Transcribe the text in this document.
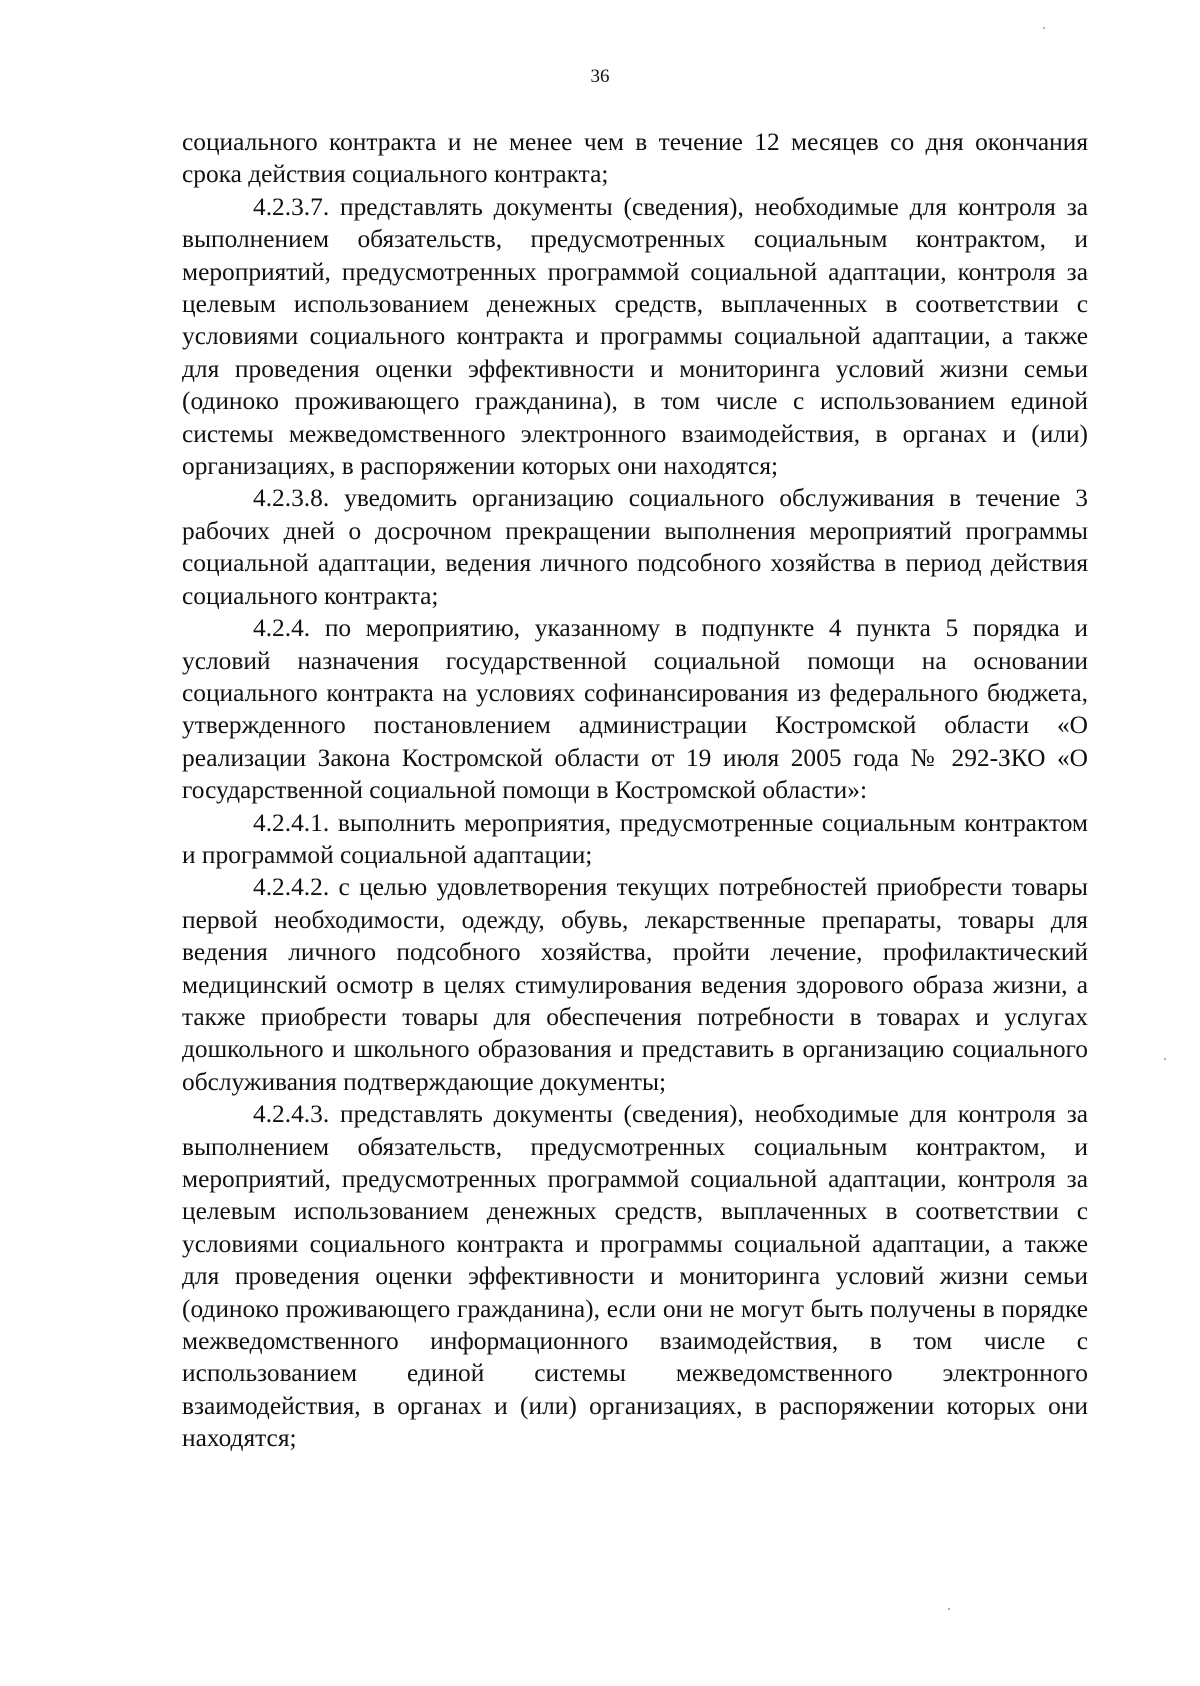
36

социального контракта и не менее чем в течение 12 месяцев со дня окончания срока действия социального контракта;

4.2.3.7. представлять документы (сведения), необходимые для контроля за выполнением обязательств, предусмотренных социальным контрактом, и мероприятий, предусмотренных программой социальной адаптации, контроля за целевым использованием денежных средств, выплаченных в соответствии с условиями социального контракта и программы социальной адаптации, а также для проведения оценки эффективности и мониторинга условий жизни семьи (одиноко проживающего гражданина), в том числе с использованием единой системы межведомственного электронного взаимодействия, в органах и (или) организациях, в распоряжении которых они находятся;

4.2.3.8. уведомить организацию социального обслуживания в течение 3 рабочих дней о досрочном прекращении выполнения мероприятий программы социальной адаптации, ведения личного подсобного хозяйства в период действия социального контракта;

4.2.4. по мероприятию, указанному в подпункте 4 пункта 5 порядка и условий назначения государственной социальной помощи на основании социального контракта на условиях софинансирования из федерального бюджета, утвержденного постановлением администрации Костромской области «О реализации Закона Костромской области от 19 июля 2005 года № 292-ЗКО «О государственной социальной помощи в Костромской области»:

4.2.4.1. выполнить мероприятия, предусмотренные социальным контрактом и программой социальной адаптации;

4.2.4.2. с целью удовлетворения текущих потребностей приобрести товары первой необходимости, одежду, обувь, лекарственные препараты, товары для ведения личного подсобного хозяйства, пройти лечение, профилактический медицинский осмотр в целях стимулирования ведения здорового образа жизни, а также приобрести товары для обеспечения потребности в товарах и услугах дошкольного и школьного образования и представить в организацию социального обслуживания подтверждающие документы;

4.2.4.3. представлять документы (сведения), необходимые для контроля за выполнением обязательств, предусмотренных социальным контрактом, и мероприятий, предусмотренных программой социальной адаптации, контроля за целевым использованием денежных средств, выплаченных в соответствии с условиями социального контракта и программы социальной адаптации, а также для проведения оценки эффективности и мониторинга условий жизни семьи (одиноко проживающего гражданина), если они не могут быть получены в порядке межведомственного информационного взаимодействия, в том числе с использованием единой системы межведомственного электронного взаимодействия, в органах и (или) организациях, в распоряжении которых они находятся;
